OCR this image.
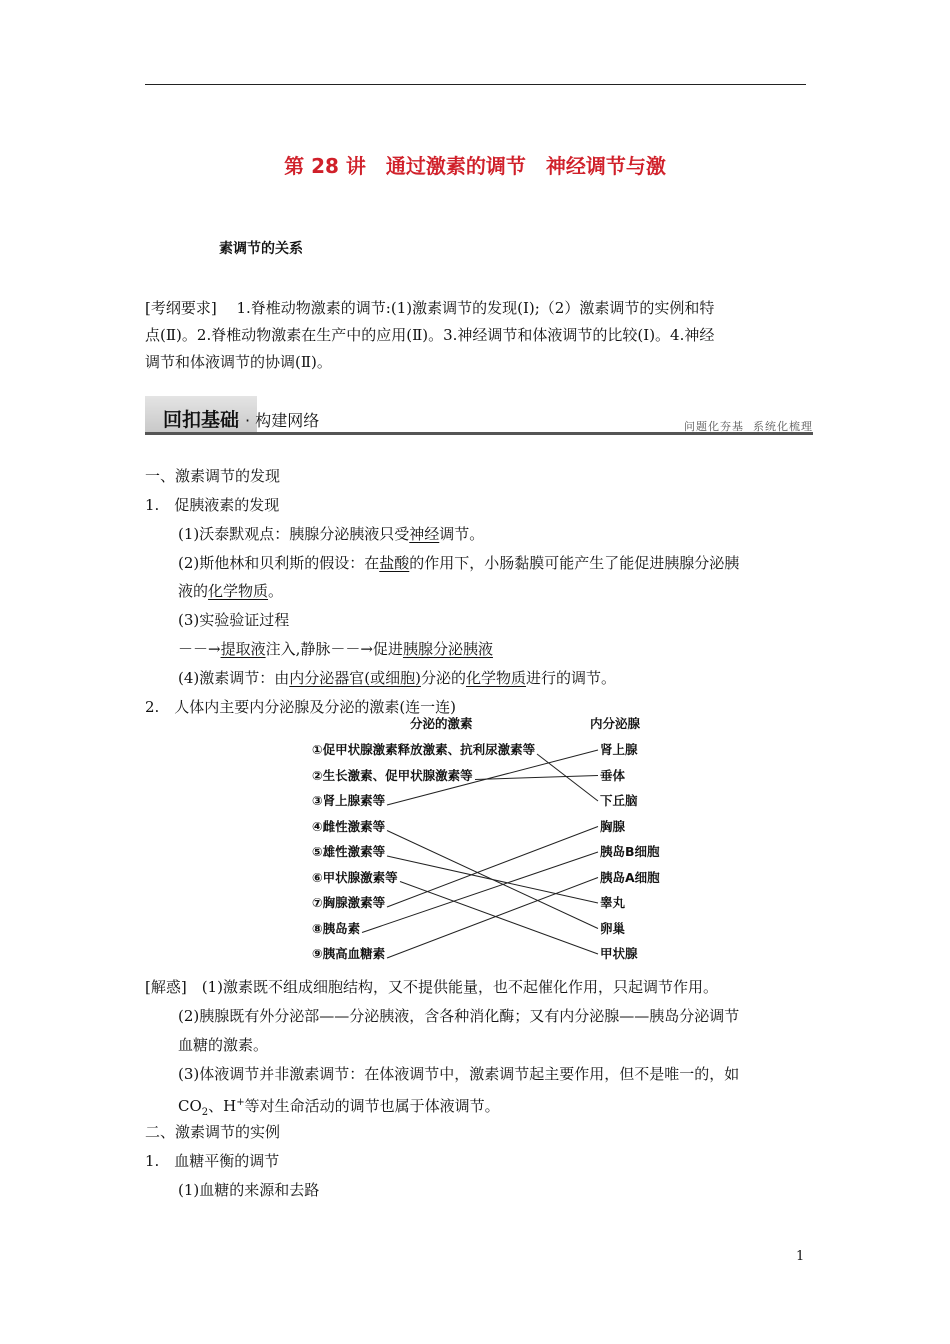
第 28 讲　通过激素的调节　神经调节与激
素调节的关系
[考纲要求]　 1.脊椎动物激素的调节:(1)激素调节的发现(Ⅰ);（2）激素调节的实例和特
点(Ⅱ)。2.脊椎动物激素在生产中的应用(Ⅱ)。3.神经调节和体液调节的比较(Ⅰ)。4.神经
调节和体液调节的协调(Ⅱ)。
回扣基础 · 构建网络	问题化夯基  系统化梳理
一、激素调节的发现
1.　促胰液素的发现
(1)沃泰默观点：胰腺分泌胰液只受神经调节。
(2)斯他林和贝利斯的假设：在盐酸的作用下，小肠黏膜可能产生了能促进胰腺分泌胰
液的化学物质。
(3)实验验证过程
－－→提取液注入,静脉－－→促进胰腺分泌胰液
(4)激素调节：由内分泌器官(或细胞)分泌的化学物质进行的调节。
2.　人体内主要内分泌腺及分泌的激素(连一连)
分泌的激素	内分泌腺
①促甲状腺激素释放激素、抗利尿激素等
②生长激素、促甲状腺激素等
③肾上腺素等
④雌性激素等
⑤雄性激素等
⑥甲状腺激素等
⑦胸腺激素等
⑧胰岛素
⑨胰高血糖素
肾上腺
垂体
下丘脑
胸腺
胰岛B细胞
胰岛A细胞
睾丸
卵巢
甲状腺
[解惑]　(1)激素既不组成细胞结构，又不提供能量，也不起催化作用，只起调节作用。
(2)胰腺既有外分泌部——分泌胰液，含各种消化酶；又有内分泌腺——胰岛分泌调节
血糖的激素。
(3)体液调节并非激素调节：在体液调节中，激素调节起主要作用，但不是唯一的，如
$CO_2$、H+等对生命活动的调节也属于体液调节。
二、激素调节的实例
1.　血糖平衡的调节
(1)血糖的来源和去路
1
